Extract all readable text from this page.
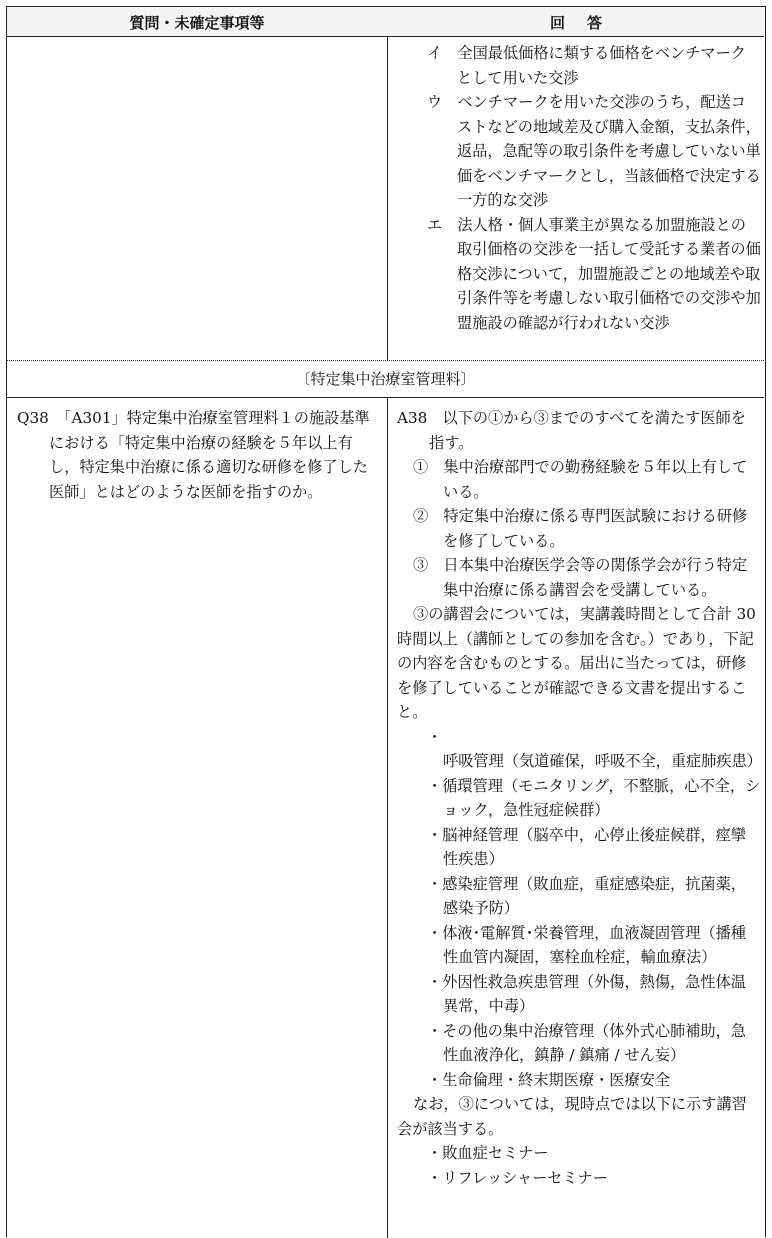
質問・未確定事項等	回答

イ　 全国最低価格に類する価格をベンチマークとして用いた交渉

ウ　 ベンチマークを用いた交渉のうち，配送コストなどの地域差及び購入金額，支払条件，返品，急配等の取引条件を考慮していない単価をベンチマークとし，当該価格で決定する一方的な交渉

エ　 法人格・個人事業主が異なる加盟施設との取引価格の交渉を一括して受託する業者の価格交渉について，加盟施設ごとの地域差や取引条件等を考慮しない取引価格での交渉や加盟施設の確認が行われない交渉

〔特定集中治療室管理料〕

Q38　 「A301」特定集中治療室管理料１の施設基準における「特定集中治療の経験を５年以上有し，特定集中治療に係る適切な研修を修了した医師」とはどのような医師を指すのか。

A38　 以下の①から③までのすべてを満たす医師を指す。

①　 集中治療部門での勤務経験を５年以上有している。

②　 特定集中治療に係る専門医試験における研修を修了している。

③　 日本集中治療医学会等の関係学会が行う特定集中治療に係る講習会を受講している。

③の講習会については，実講義時間として合計 30 時間以上（講師としての参加を含む。）であり，下記の内容を含むものとする。届出に当たっては，研修を修了していることが確認できる文書を提出すること。

・呼吸管理（気道確保，呼吸不全，重症肺疾患）

・循環管理（モニタリング，不整脈，心不全，ショック，急性冠症候群）

・脳神経管理（脳卒中，心停止後症候群，痙攣性疾患）

・感染症管理（敗血症，重症感染症，抗菌薬，感染予防）

・体液･電解質･栄養管理，血液凝固管理（播種性血管内凝固，塞栓血栓症，輸血療法）

・外因性救急疾患管理（外傷，熱傷，急性体温異常，中毒）

・その他の集中治療管理（体外式心肺補助，急性血液浄化，鎮静 / 鎮痛 / せん妄）

・生命倫理・終末期医療・医療安全

なお，③については，現時点では以下に示す講習会が該当する。

・敗血症セミナー

・リフレッシャーセミナー
